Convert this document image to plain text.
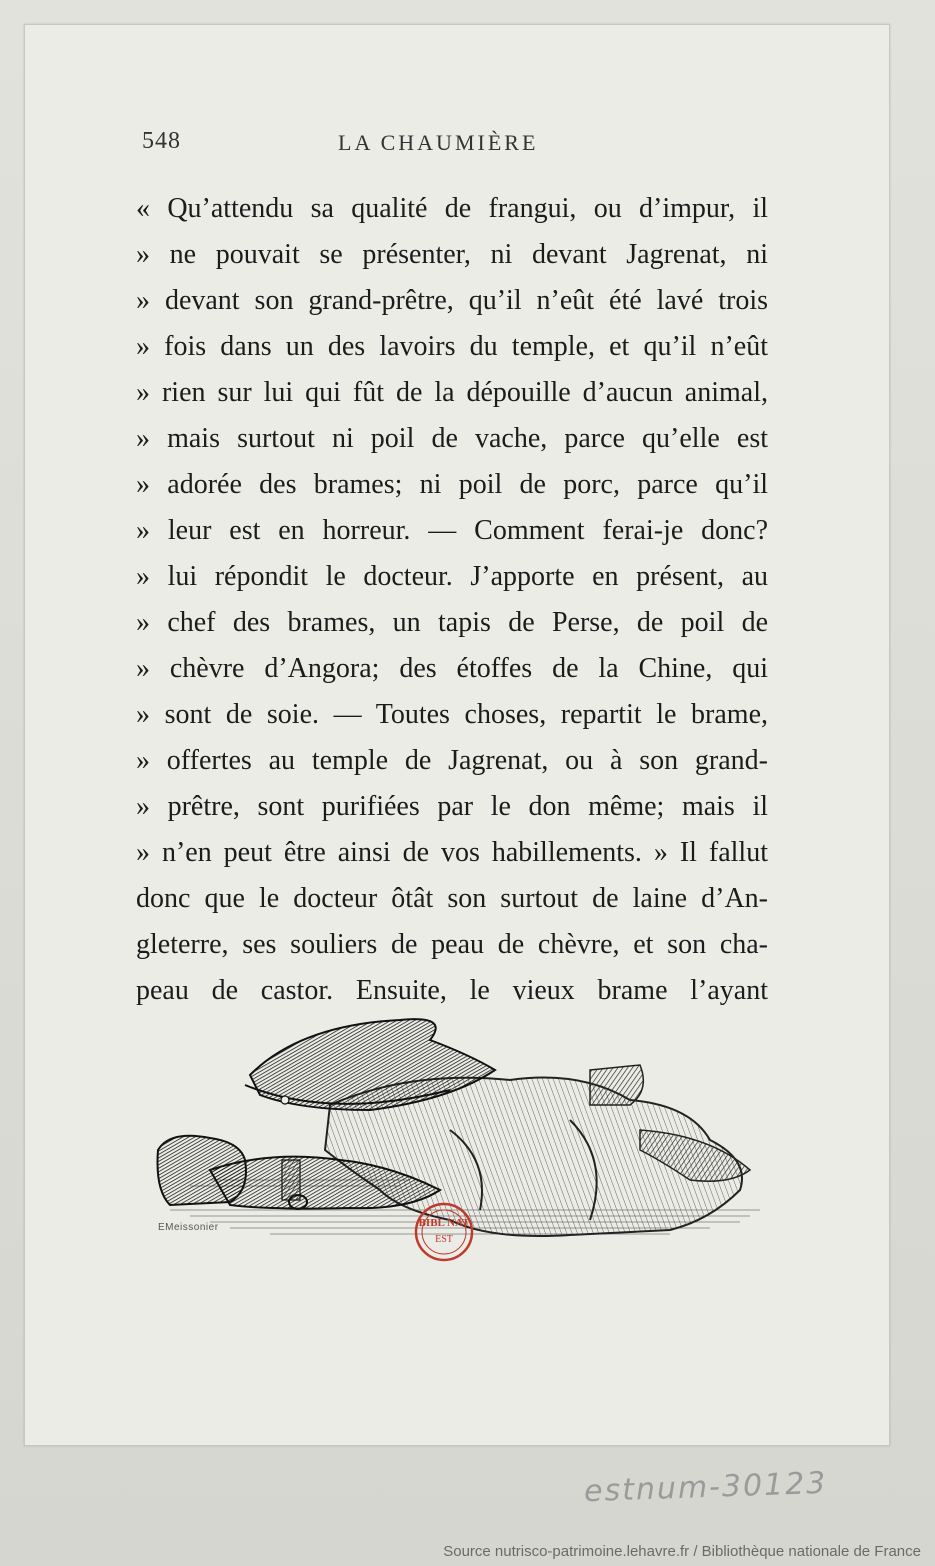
548	LA CHAUMIÈRE
« Qu’attendu sa qualité de frangui, ou d’impur, il
» ne pouvait se présenter, ni devant Jagrenat, ni
» devant son grand-prêtre, qu’il n’eût été lavé trois
» fois dans un des lavoirs du temple, et qu’il n’eût
» rien sur lui qui fût de la dépouille d’aucun animal,
» mais surtout ni poil de vache, parce qu’elle est
» adorée des brames; ni poil de porc, parce qu’il
» leur est en horreur. — Comment ferai-je donc?
» lui répondit le docteur. J’apporte en présent, au
» chef des brames, un tapis de Perse, de poil de
» chèvre d’Angora; des étoffes de la Chine, qui
» sont de soie. — Toutes choses, repartit le brame,
» offertes au temple de Jagrenat, ou à son grand-
» prêtre, sont purifiées par le don même; mais il
» n’en peut être ainsi de vos habillements. » Il fallut
donc que le docteur ôtât son surtout de laine d’An-
gleterre, ses souliers de peau de chèvre, et son cha-
peau de castor. Ensuite, le vieux brame l’ayant
EMeissonier	BIBL NAT
EST
estnum-30123
Source nutrisco-patrimoine.lehavre.fr / Bibliothèque nationale de France
